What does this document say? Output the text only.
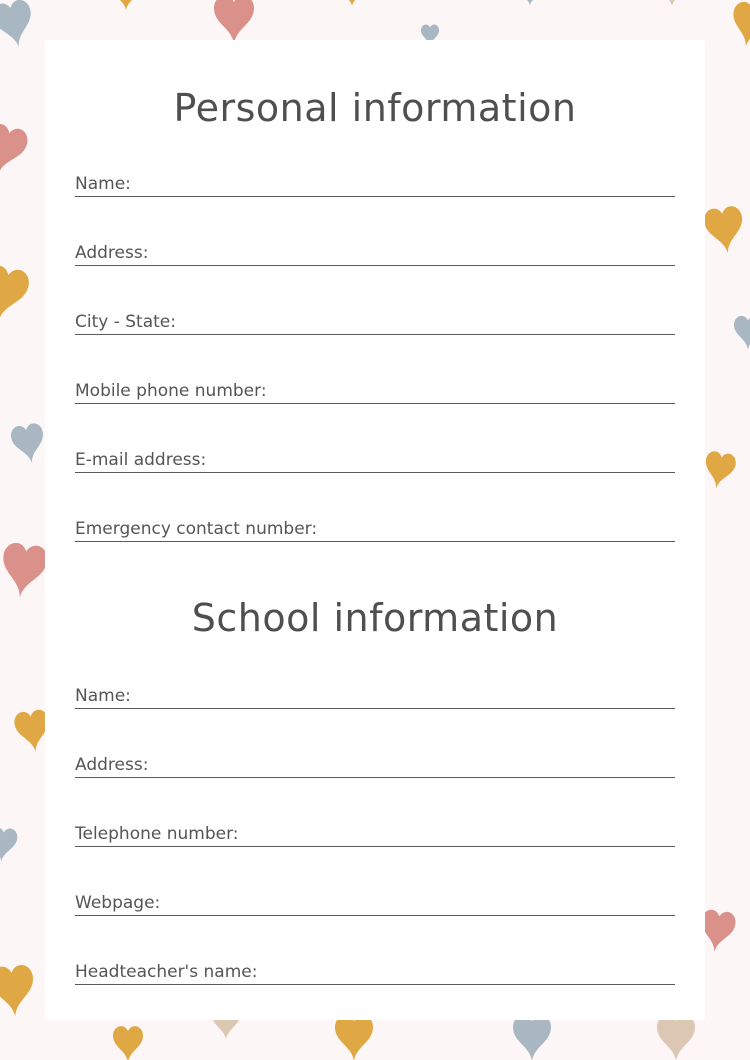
Personal information
Name:
Address:
City - State:
Mobile phone number:
E-mail address:
Emergency contact number:
School information
Name:
Address:
Telephone number:
Webpage:
Headteacher's name:
